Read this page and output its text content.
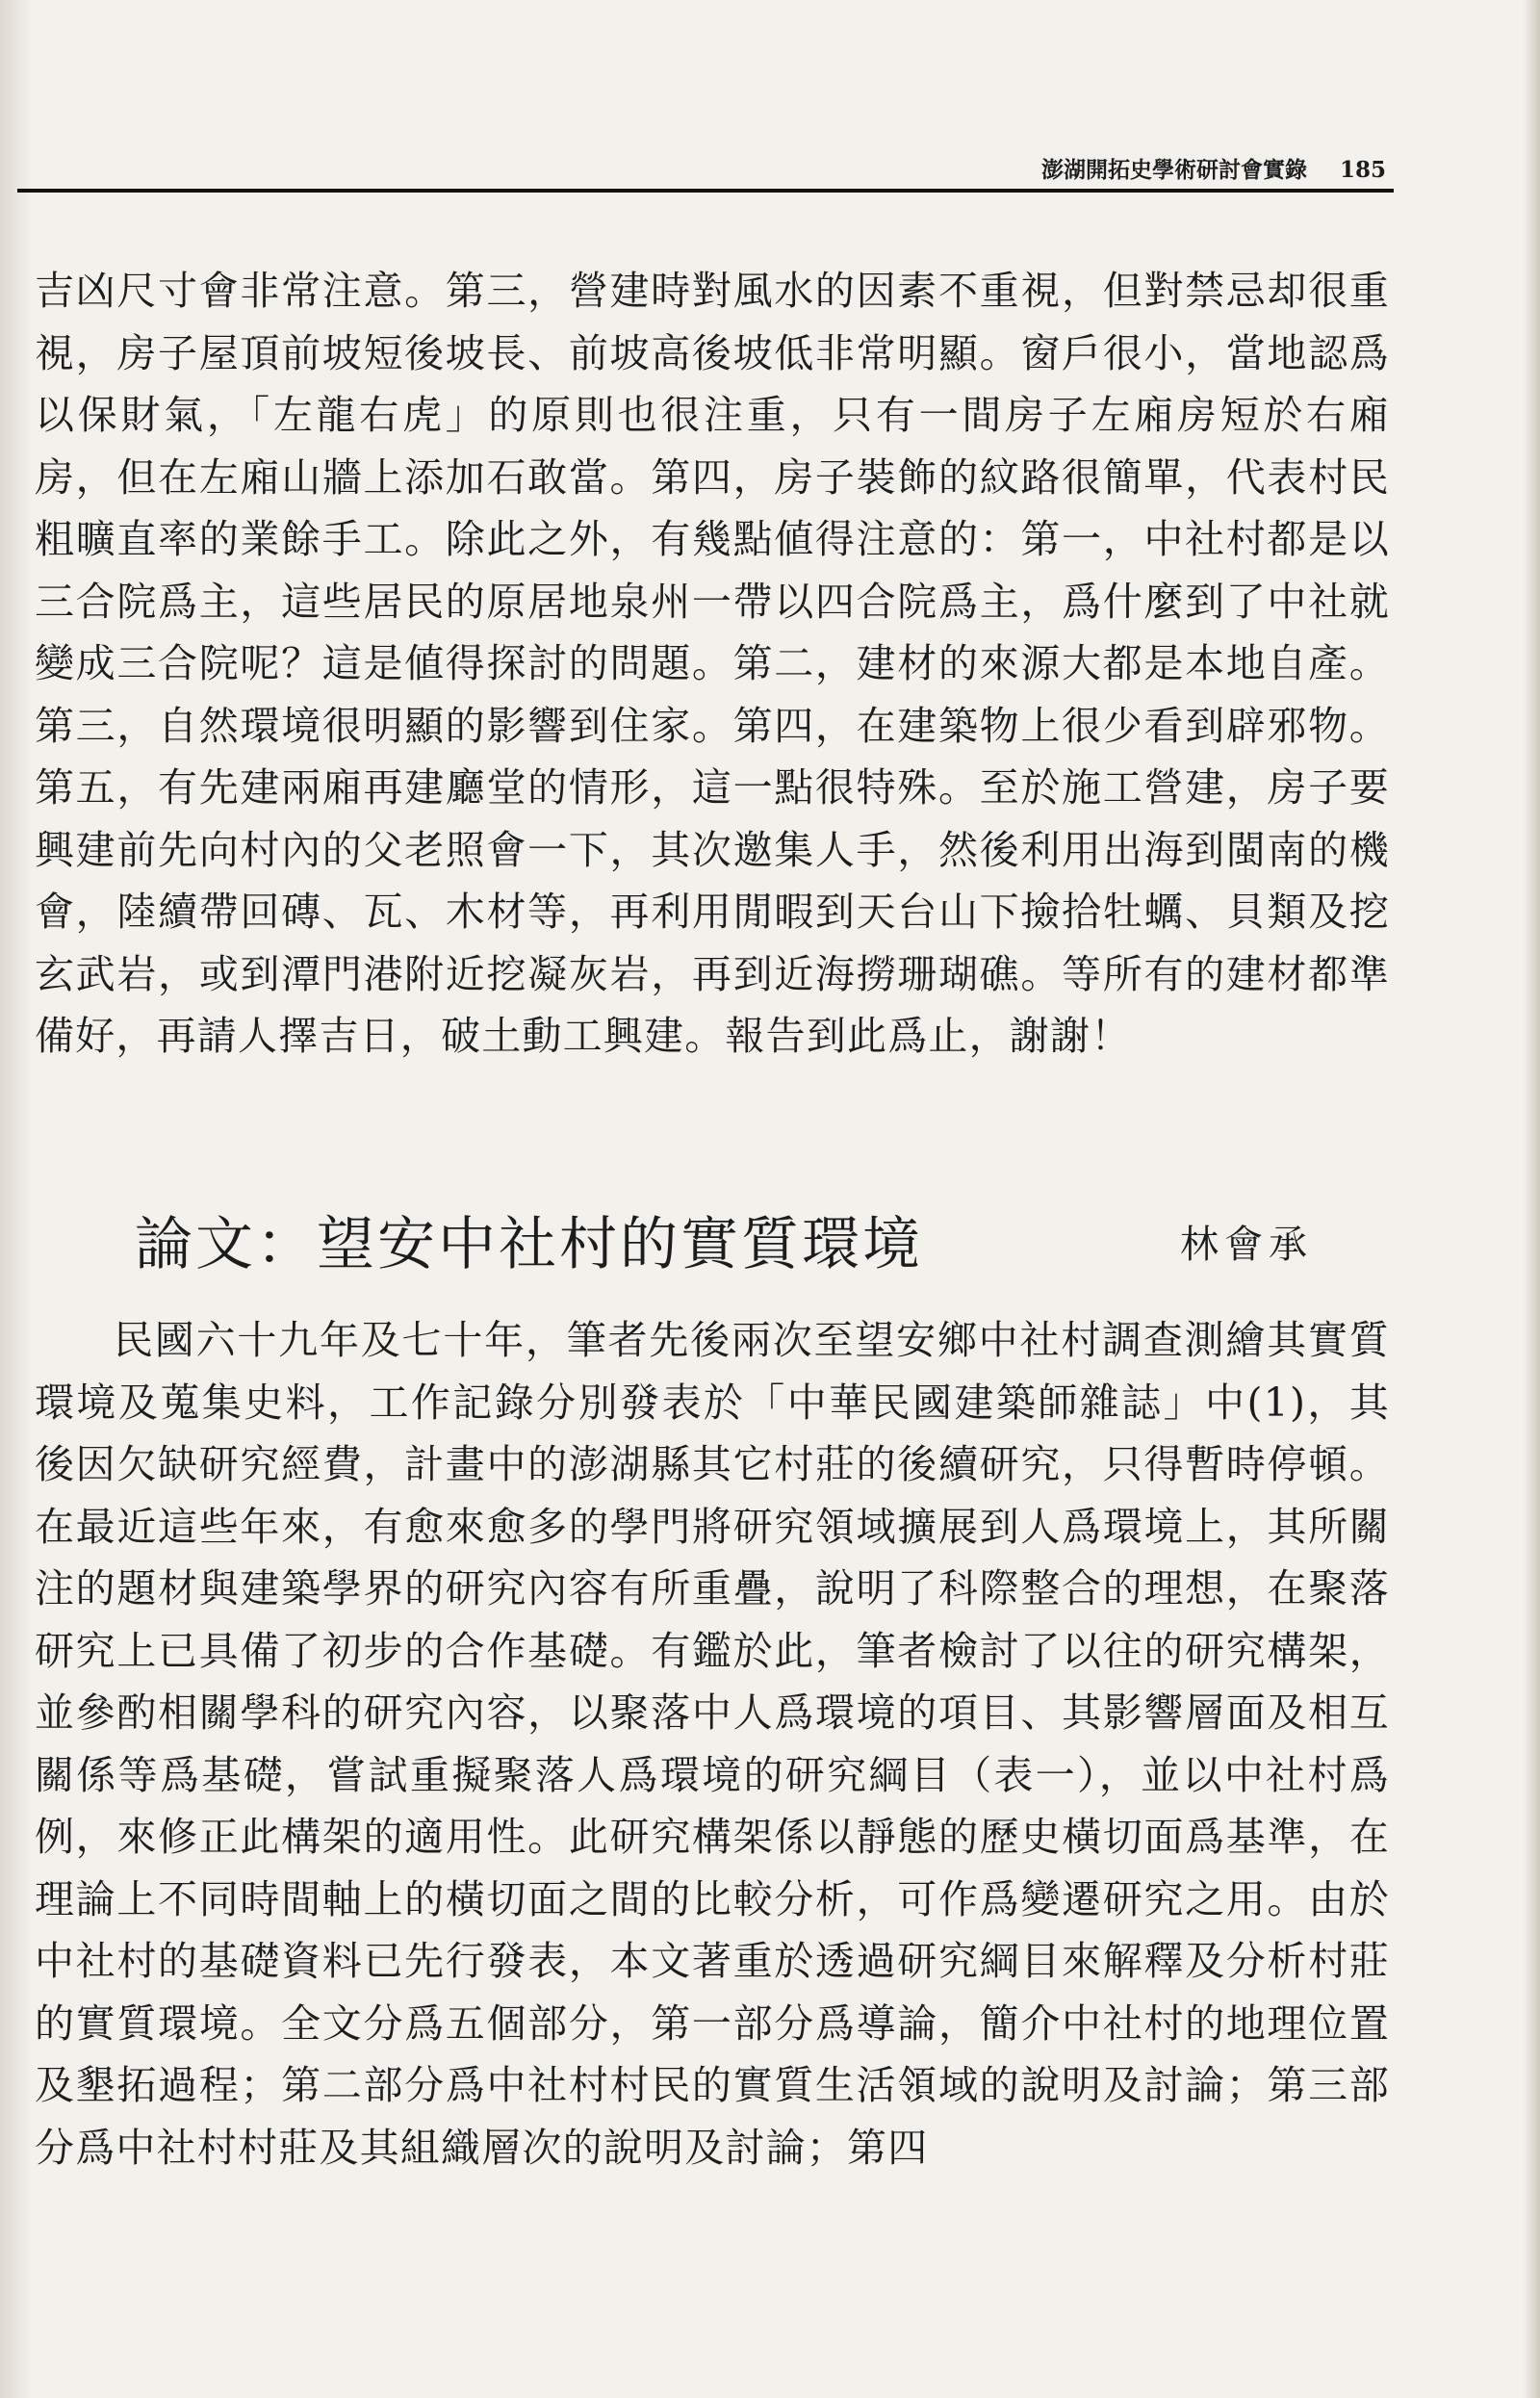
澎湖開拓史學術研討會實錄 185
吉凶尺寸會非常注意。第三，營建時對風水的因素不重視，但對禁忌却很重視，房子屋頂前坡短後坡長、前坡高後坡低非常明顯。窗戶很小，當地認爲以保財氣，「左龍右虎」的原則也很注重，只有一間房子左廂房短於右廂房，但在左廂山牆上添加石敢當。第四，房子裝飾的紋路很簡單，代表村民粗曠直率的業餘手工。除此之外，有幾點値得注意的：第一，中社村都是以三合院爲主，這些居民的原居地泉州一帶以四合院爲主，爲什麼到了中社就變成三合院呢？這是値得探討的問題。第二，建材的來源大都是本地自產。第三，自然環境很明顯的影響到住家。第四，在建築物上很少看到辟邪物。第五，有先建兩廂再建廳堂的情形，這一點很特殊。至於施工營建，房子要興建前先向村內的父老照會一下，其次邀集人手，然後利用出海到閩南的機會，陸續帶回磚、瓦、木材等，再利用閒暇到天台山下撿拾牡蠣、貝類及挖玄武岩，或到潭門港附近挖凝灰岩，再到近海撈珊瑚礁。等所有的建材都準備好，再請人擇吉日，破土動工興建。報告到此爲止，謝謝！
論文：望安中社村的實質環境	林會承
民國六十九年及七十年，筆者先後兩次至望安鄉中社村調查測繪其實質環境及蒐集史料，工作記錄分別發表於「中華民國建築師雜誌」中(1)，其後因欠缺研究經費，計畫中的澎湖縣其它村莊的後續研究，只得暫時停頓。在最近這些年來，有愈來愈多的學門將研究領域擴展到人爲環境上，其所關注的題材與建築學界的研究內容有所重疊，說明了科際整合的理想，在聚落研究上已具備了初步的合作基礎。有鑑於此，筆者檢討了以往的研究構架，並參酌相關學科的研究內容，以聚落中人爲環境的項目、其影響層面及相互關係等爲基礎，嘗試重擬聚落人爲環境的研究綱目（表一），並以中社村爲例，來修正此構架的適用性。此研究構架係以靜態的歷史橫切面爲基準，在理論上不同時間軸上的橫切面之間的比較分析，可作爲變遷研究之用。由於中社村的基礎資料已先行發表，本文著重於透過研究綱目來解釋及分析村莊的實質環境。全文分爲五個部分，第一部分爲導論，簡介中社村的地理位置及墾拓過程；第二部分爲中社村村民的實質生活領域的說明及討論；第三部分爲中社村村莊及其組織層次的說明及討論；第四
